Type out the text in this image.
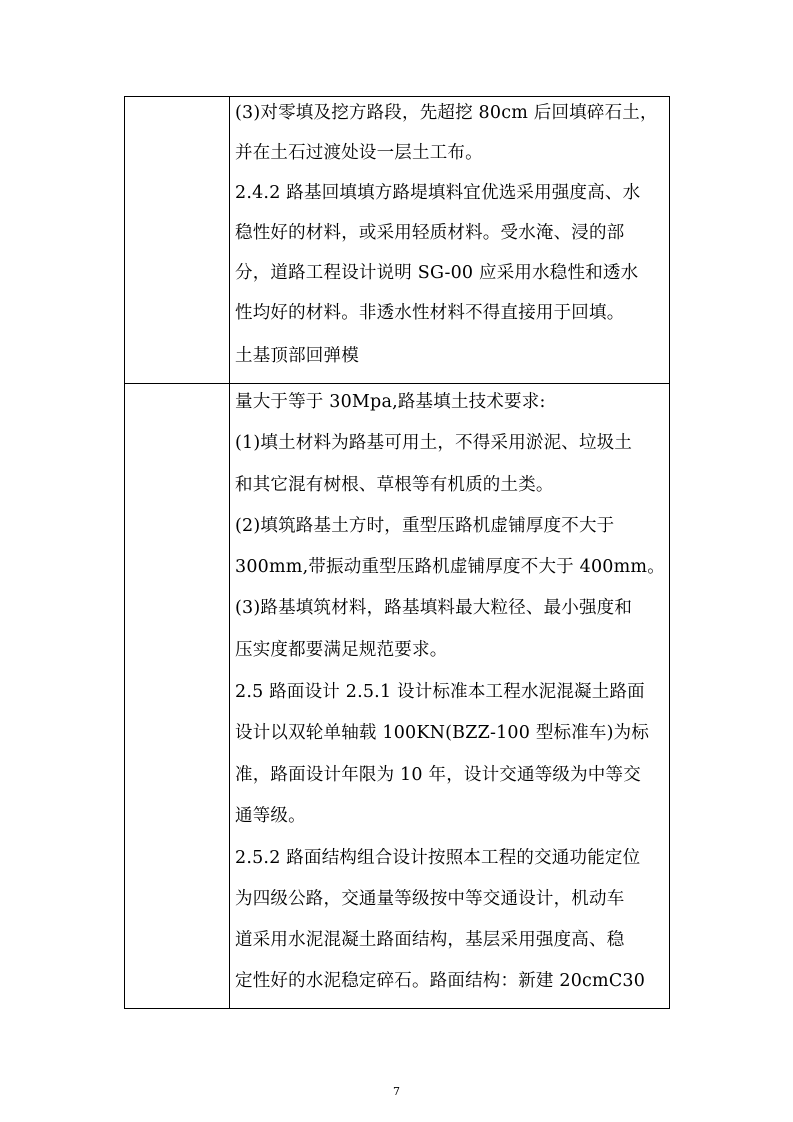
(3)对零填及挖方路段，先超挖 80cm 后回填碎石土，
并在土石过渡处设一层土工布。
2.4.2 路基回填填方路堤填料宜优选采用强度高、水
稳性好的材料，或采用轻质材料。受水淹、浸的部
分，道路工程设计说明 SG-00 应采用水稳性和透水
性均好的材料。非透水性材料不得直接用于回填。
土基顶部回弹模
量大于等于 30Mpa,路基填土技术要求:
(1)填土材料为路基可用土，不得采用淤泥、垃圾土
和其它混有树根、草根等有机质的土类。
(2)填筑路基土方时，重型压路机虚铺厚度不大于
300mm,带振动重型压路机虚铺厚度不大于 400mm。
(3)路基填筑材料，路基填料最大粒径、最小强度和
压实度都要满足规范要求。
2.5 路面设计 2.5.1 设计标准本工程水泥混凝土路面
设计以双轮单轴载 100KN(BZZ-100 型标准车)为标
准，路面设计年限为 10 年，设计交通等级为中等交
通等级。
2.5.2 路面结构组合设计按照本工程的交通功能定位
为四级公路，交通量等级按中等交通设计，机动车
道采用水泥混凝土路面结构，基层采用强度高、稳
定性好的水泥稳定碎石。路面结构：新建 20cmC30
7
